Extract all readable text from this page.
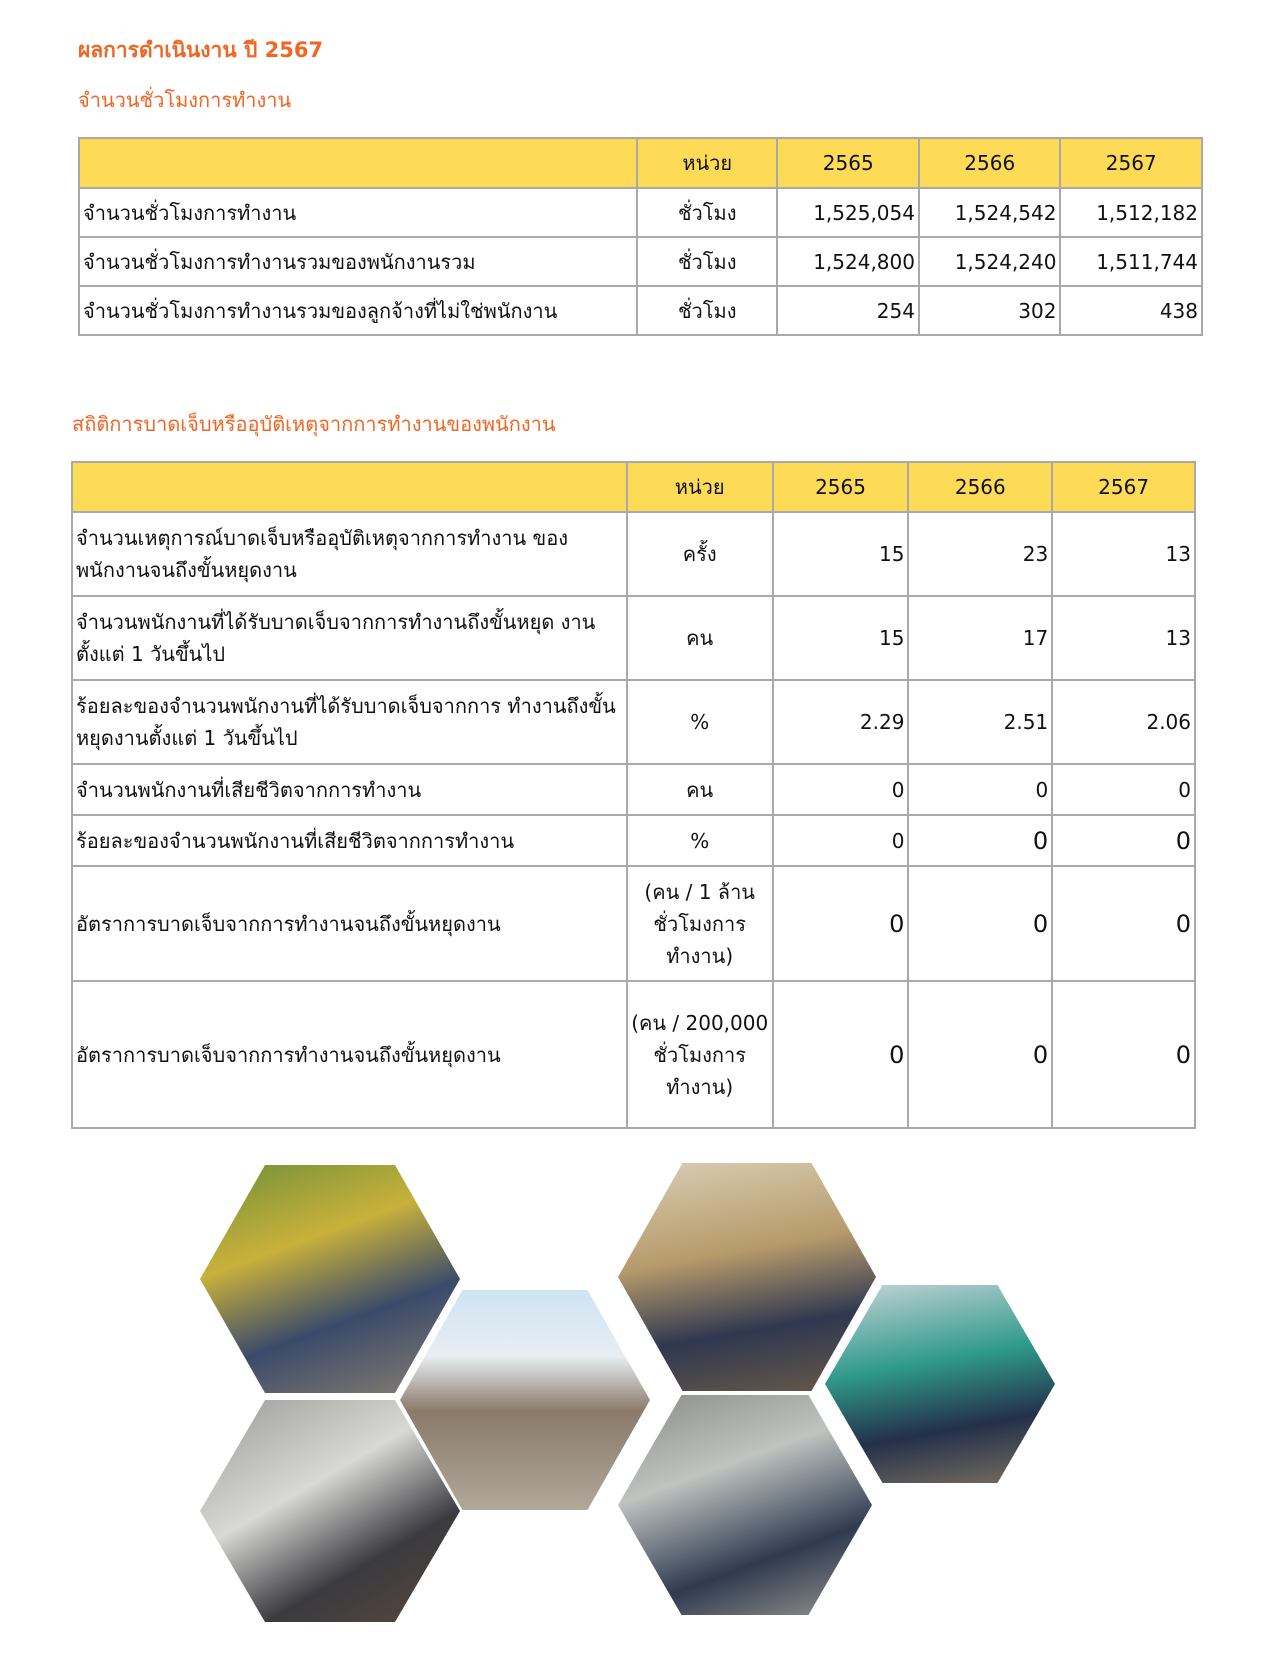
ผลการดำเนินงาน ปี 2567
จำนวนชั่วโมงการทำงาน
	หน่วย	2565	2566	2567
จำนวนชั่วโมงการทำงาน	ชั่วโมง	1,525,054	1,524,542	1,512,182
จำนวนชั่วโมงการทำงานรวมของพนักงานรวม	ชั่วโมง	1,524,800	1,524,240	1,511,744
จำนวนชั่วโมงการทำงานรวมของลูกจ้างที่ไม่ใช่พนักงาน	ชั่วโมง	254	302	438
สถิติการบาดเจ็บหรืออุบัติเหตุจากการทำงานของพนักงาน
	หน่วย	2565	2566	2567
จำนวนเหตุการณ์บาดเจ็บหรืออุบัติเหตุจากการทำงาน ของ พนักงานจนถึงขั้นหยุดงาน	ครั้ง	15	23	13
จำนวนพนักงานที่ได้รับบาดเจ็บจากการทำงานถึงขั้นหยุด งาน ตั้งแต่ 1 วันขึ้นไป	คน	15	17	13
ร้อยละของจำนวนพนักงานที่ได้รับบาดเจ็บจากการ ทำงานถึงขั้น หยุดงานตั้งแต่ 1 วันขึ้นไป	%	2.29	2.51	2.06
จำนวนพนักงานที่เสียชีวิตจากการทำงาน	คน	0	0	0
ร้อยละของจำนวนพนักงานที่เสียชีวิตจากการทำงาน	%	0	0	0
อัตราการบาดเจ็บจากการทำงานจนถึงขั้นหยุดงาน	(คน / 1 ล้าน ชั่วโมงการ ทำงาน)	0	0	0
อัตราการบาดเจ็บจากการทำงานจนถึงขั้นหยุดงาน	(คน / 200,000 ชั่วโมงการ ทำงาน)	0	0	0
